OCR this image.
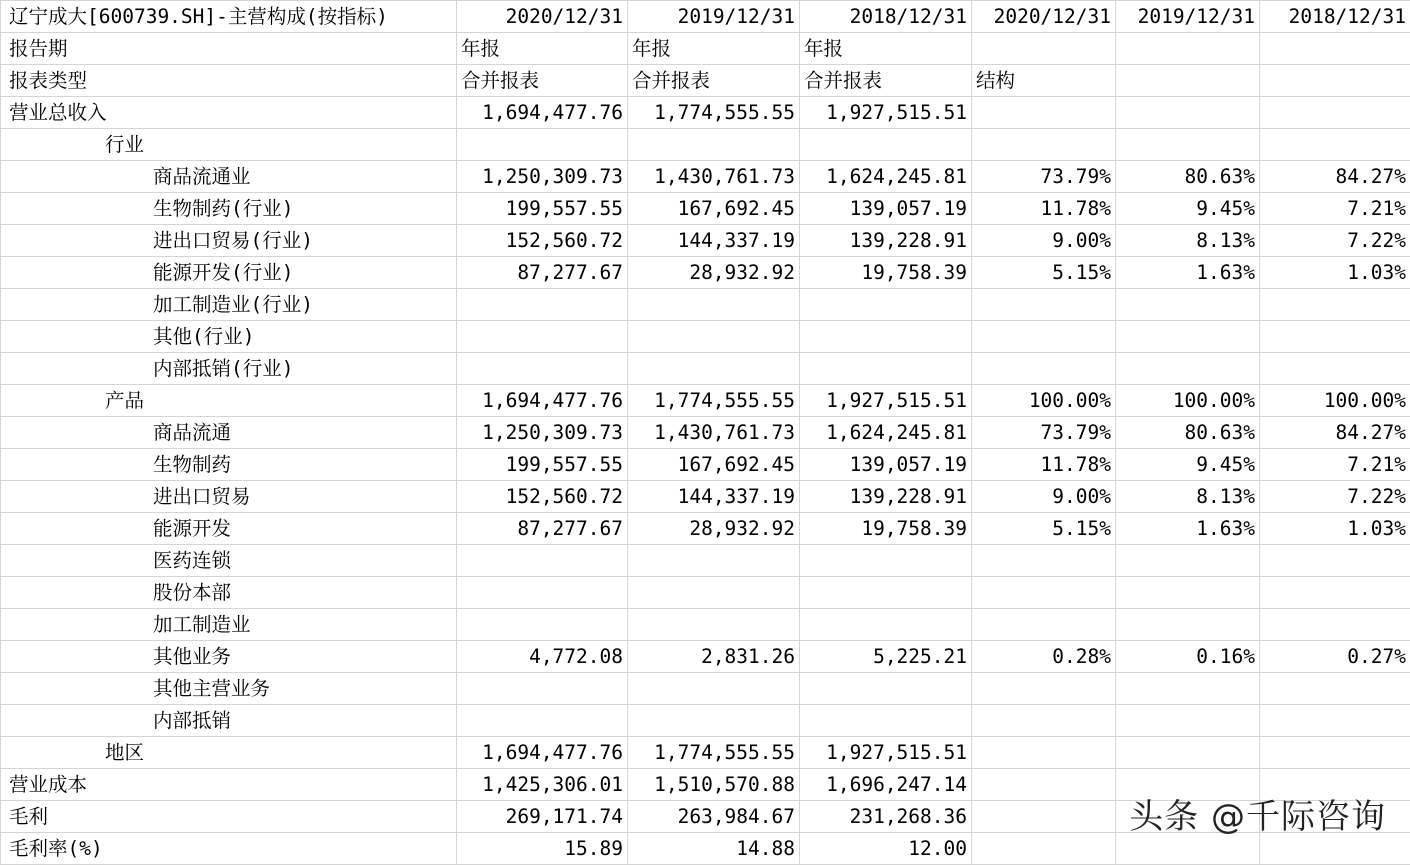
辽宁成大[600739.SH]-主营构成(按指标)	2020/12/31	2019/12/31	2018/12/31	2020/12/31	2019/12/31	2018/12/31
报告期	年报	年报	年报			
报表类型	合并报表	合并报表	合并报表	结构		
营业总收入	1,694,477.76	1,774,555.55	1,927,515.51			
行业						
商品流通业	1,250,309.73	1,430,761.73	1,624,245.81	73.79%	80.63%	84.27%
生物制药(行业)	199,557.55	167,692.45	139,057.19	11.78%	9.45%	7.21%
进出口贸易(行业)	152,560.72	144,337.19	139,228.91	9.00%	8.13%	7.22%
能源开发(行业)	87,277.67	28,932.92	19,758.39	5.15%	1.63%	1.03%
加工制造业(行业)						
其他(行业)						
内部抵销(行业)						
产品	1,694,477.76	1,774,555.55	1,927,515.51	100.00%	100.00%	100.00%
商品流通	1,250,309.73	1,430,761.73	1,624,245.81	73.79%	80.63%	84.27%
生物制药	199,557.55	167,692.45	139,057.19	11.78%	9.45%	7.21%
进出口贸易	152,560.72	144,337.19	139,228.91	9.00%	8.13%	7.22%
能源开发	87,277.67	28,932.92	19,758.39	5.15%	1.63%	1.03%
医药连锁						
股份本部						
加工制造业						
其他业务	4,772.08	2,831.26	5,225.21	0.28%	0.16%	0.27%
其他主营业务						
内部抵销						
地区	1,694,477.76	1,774,555.55	1,927,515.51			
营业成本	1,425,306.01	1,510,570.88	1,696,247.14			
毛利	269,171.74	263,984.67	231,268.36			
毛利率(%)	15.89	14.88	12.00			
头条 @千际咨询
